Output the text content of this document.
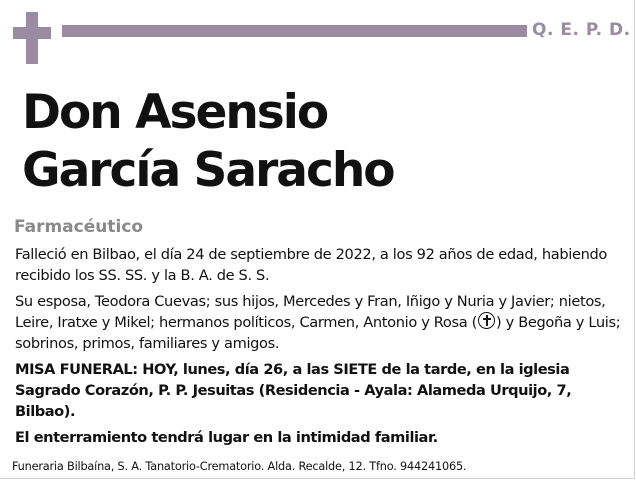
Q. E. P. D.
Don Asensio
García Saracho
Farmacéutico

Falleció en Bilbao, el día 24 de septiembre de 2022, a los 92 años de edad, habiendo recibido los SS. SS. y la B. A. de S. S.

Su esposa, Teodora Cuevas; sus hijos, Mercedes y Fran, Iñigo y Nuria y Javier; nietos, Leire, Iratxe y Mikel; hermanos políticos, Carmen, Antonio y Rosa ( ) y Begoña y Luis; sobrinos, primos, familiares y amigos.

MISA FUNERAL: HOY, lunes, día 26, a las SIETE de la tarde, en la iglesia Sagrado Corazón, P. P. Jesuitas (Residencia - Ayala: Alameda Urquijo, 7, Bilbao).

El enterramiento tendrá lugar en la intimidad familiar.

Funeraria Bilbaína, S. A. Tanatorio-Crematorio. Alda. Recalde, 12. Tfno. 944241065.
